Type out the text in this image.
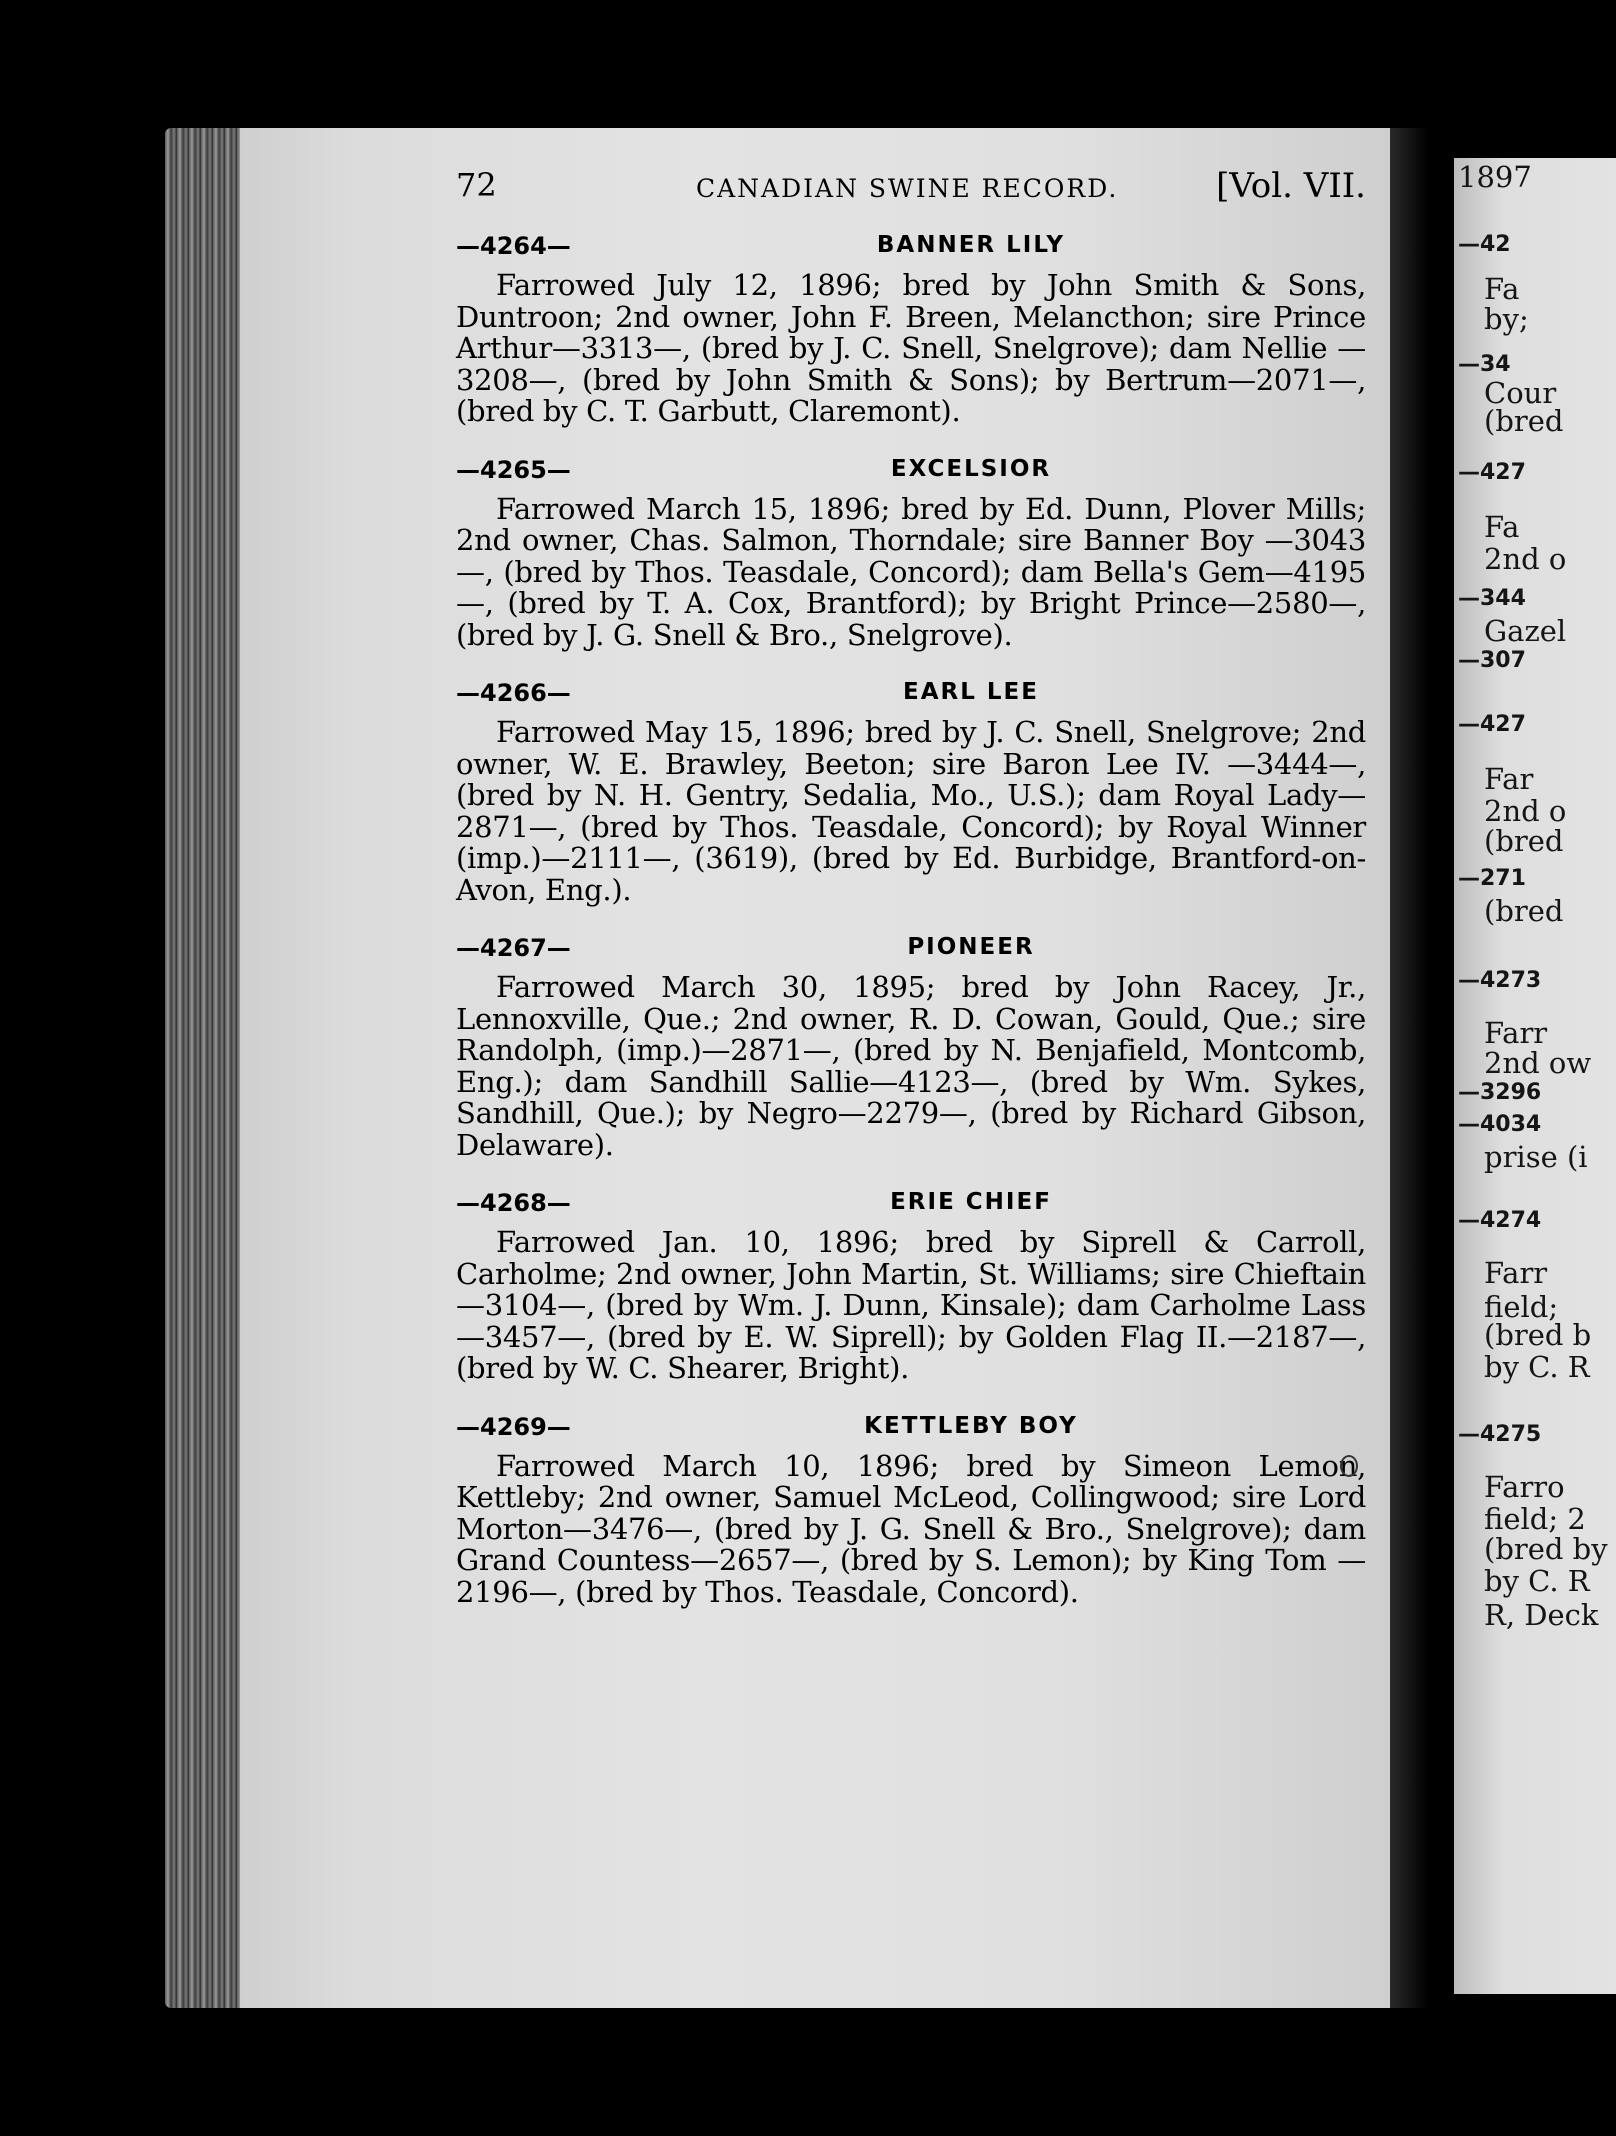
1897
—42
Fa
by;
—34
Cour
(bred
—427
Fa
2nd o
—344
Gazel
—307
—427
Far
2nd o
(bred
—271
(bred
—4273
Farr
2nd ow
—3296
—4034
prise (i
—4274
Farr
field;
(bred b
by C. R
—4275
Farro
field; 2
(bred by
by C. R
R, Deck
72	CANADIAN SWINE RECORD.	[Vol. VII.
—4264—	BANNER LILY

Farrowed July 12, 1896; bred by John Smith & Sons, Duntroon; 2nd owner, John F. Breen, Melancthon; sire Prince Arthur—3313—, (bred by J. C. Snell, Snelgrove); dam Nellie —3208—, (bred by John Smith & Sons); by Bertrum—2071—, (bred by C. T. Garbutt, Claremont).

—4265—	EXCELSIOR

Farrowed March 15, 1896; bred by Ed. Dunn, Plover Mills; 2nd owner, Chas. Salmon, Thorndale; sire Banner Boy —3043—, (bred by Thos. Teasdale, Concord); dam Bella's Gem—4195—, (bred by T. A. Cox, Brantford); by Bright Prince—2580—, (bred by J. G. Snell & Bro., Snelgrove).

—4266—	EARL LEE

Farrowed May 15, 1896; bred by J. C. Snell, Snelgrove; 2nd owner, W. E. Brawley, Beeton; sire Baron Lee IV. —3444—, (bred by N. H. Gentry, Sedalia, Mo., U.S.); dam Royal Lady—2871—, (bred by Thos. Teasdale, Concord); by Royal Winner (imp.)—2111—, (3619), (bred by Ed. Burbidge, Brantford-on-Avon, Eng.).

—4267—	PIONEER

Farrowed March 30, 1895; bred by John Racey, Jr., Lennoxville, Que.; 2nd owner, R. D. Cowan, Gould, Que.; sire Randolph, (imp.)—2871—, (bred by N. Benjafield, Montcomb, Eng.); dam Sandhill Sallie—4123—, (bred by Wm. Sykes, Sandhill, Que.); by Negro—2279—, (bred by Richard Gibson, Delaware).

—4268—	ERIE CHIEF

Farrowed Jan. 10, 1896; bred by Siprell & Carroll, Carholme; 2nd owner, John Martin, St. Williams; sire Chieftain —3104—, (bred by Wm. J. Dunn, Kinsale); dam Carholme Lass—3457—, (bred by E. W. Siprell); by Golden Flag II.—2187—, (bred by W. C. Shearer, Bright).

—4269—	KETTLEBY BOY

Farrowed March 10, 1896; bred by Simeon Lemon, Kettleby; 2nd owner, Samuel McLeod, Collingwood; sire Lord Morton—3476—, (bred by J. G. Snell & Bro., Snelgrove); dam Grand Countess—2657—, (bred by S. Lemon); by King Tom —2196—, (bred by Thos. Teasdale, Concord).
